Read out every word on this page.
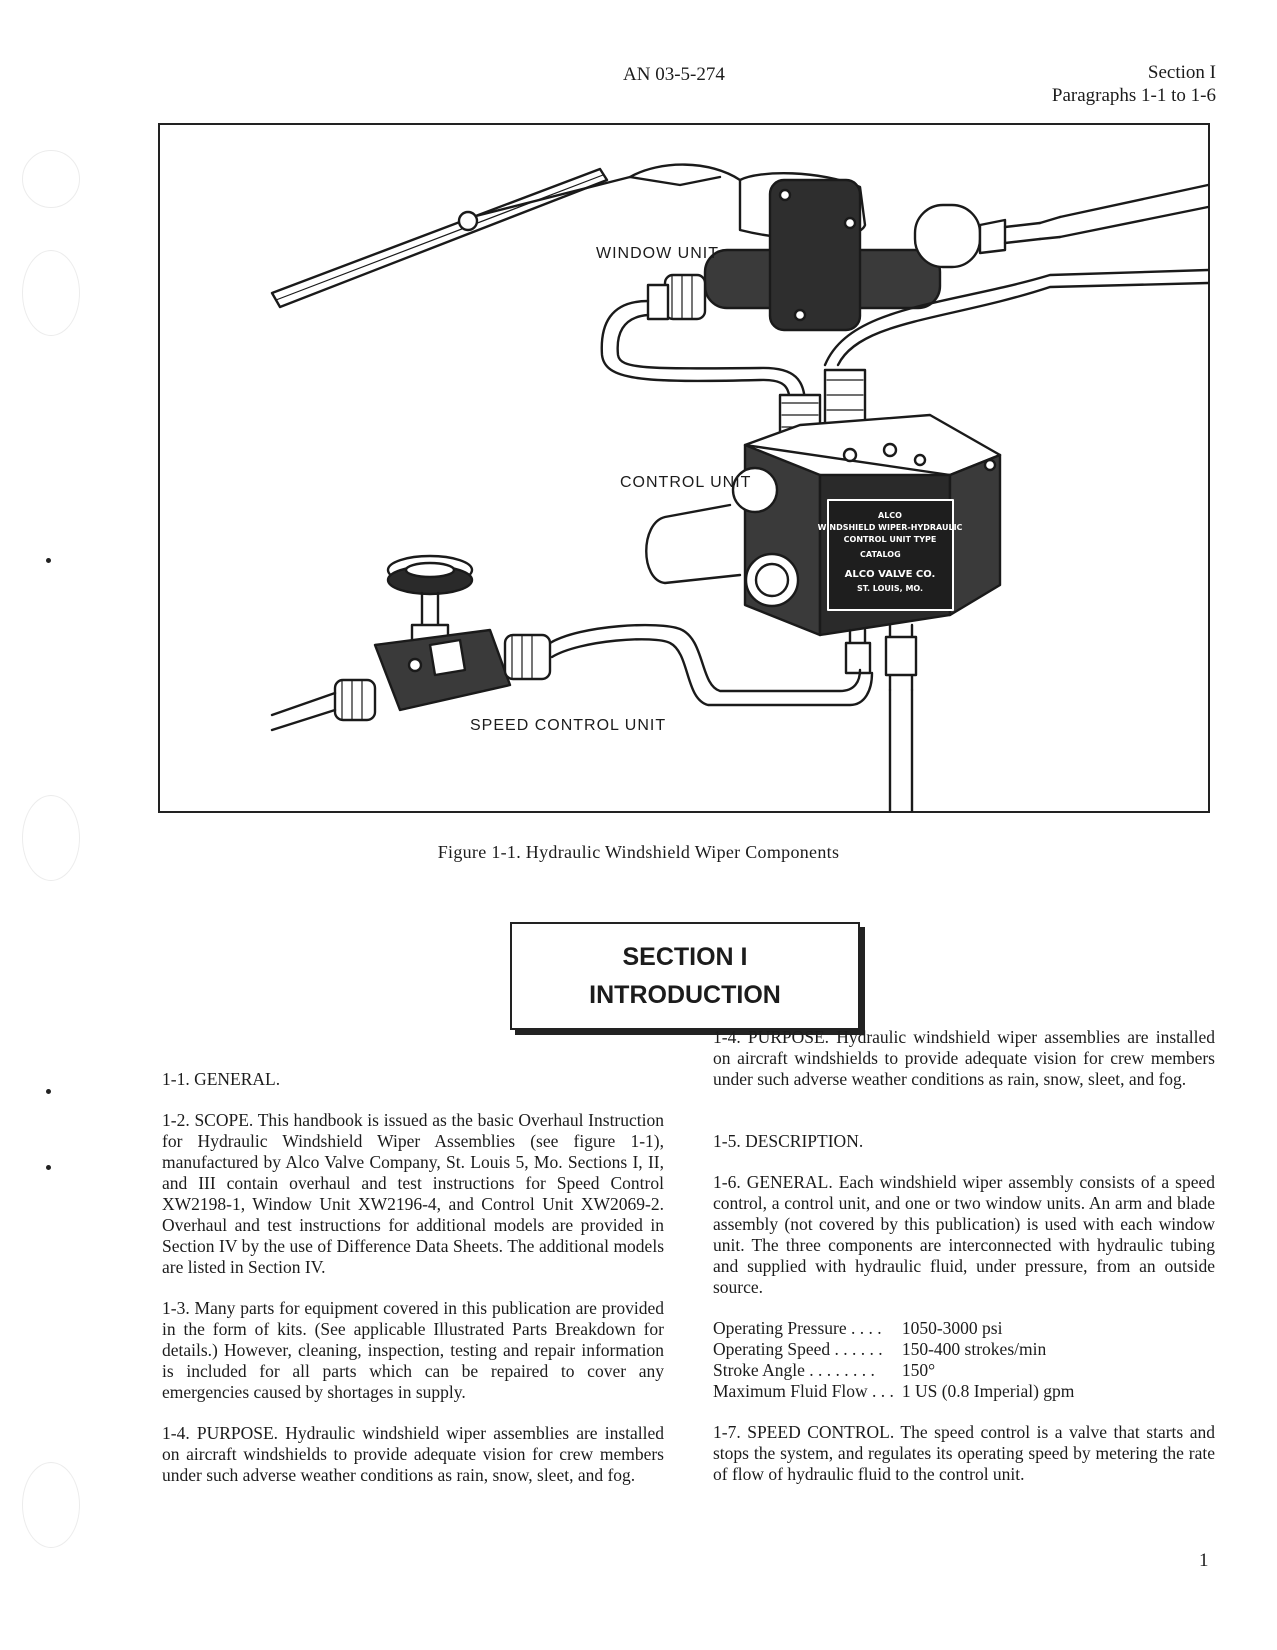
AN 03-5-274	Section I
Paragraphs 1-1 to 1-6
ALCO
WINDSHIELD WIPER-HYDRAULIC
CONTROL UNIT TYPE
CATALOG
ALCO VALVE CO.
ST. LOUIS, MO.
WINDOW UNIT
CONTROL UNIT
SPEED CONTROL UNIT
Figure 1-1. Hydraulic Windshield Wiper Components
SECTION I
INTRODUCTION

1-1. GENERAL.

1-2. SCOPE. This handbook is issued as the basic Overhaul Instruction for Hydraulic Windshield Wiper Assemblies (see figure 1-1), manufactured by Alco Valve Company, St. Louis 5, Mo. Sections I, II, and III contain overhaul and test instructions for Speed Control XW2198-1, Window Unit XW2196-4, and Control Unit XW2069-2. Overhaul and test instructions for additional models are provided in Section IV by the use of Difference Data Sheets. The additional models are listed in Section IV.

1-3. Many parts for equipment covered in this publication are provided in the form of kits. (See applicable Illustrated Parts Breakdown for details.) However, cleaning, inspection, testing and repair information is included for all parts which can be repaired to cover any emergencies caused by shortages in supply.

1-4. PURPOSE. Hydraulic windshield wiper assemblies are installed on aircraft windshields to provide adequate vision for crew members under such adverse weather conditions as rain, snow, sleet, and fog.

1-4. PURPOSE. Hydraulic windshield wiper assemblies are installed on aircraft windshields to provide adequate vision for crew members under such adverse weather conditions as rain, snow, sleet, and fog.

1-5. DESCRIPTION.

1-6. GENERAL. Each windshield wiper assembly consists of a speed control, a control unit, and one or two window units. An arm and blade assembly (not covered by this publication) is used with each window unit. The three components are interconnected with hydraulic tubing and supplied with hydraulic fluid, under pressure, from an outside source.

Operating Pressure . . . .	1050-3000 psi
Operating Speed . . . . . .	150-400 strokes/min
Stroke Angle . . . . . . . .	150°
Maximum Fluid Flow . . .	1 US (0.8 Imperial) gpm

1-7. SPEED CONTROL. The speed control is a valve that starts and stops the system, and regulates its operating speed by metering the rate of flow of hydraulic fluid to the control unit.

1
